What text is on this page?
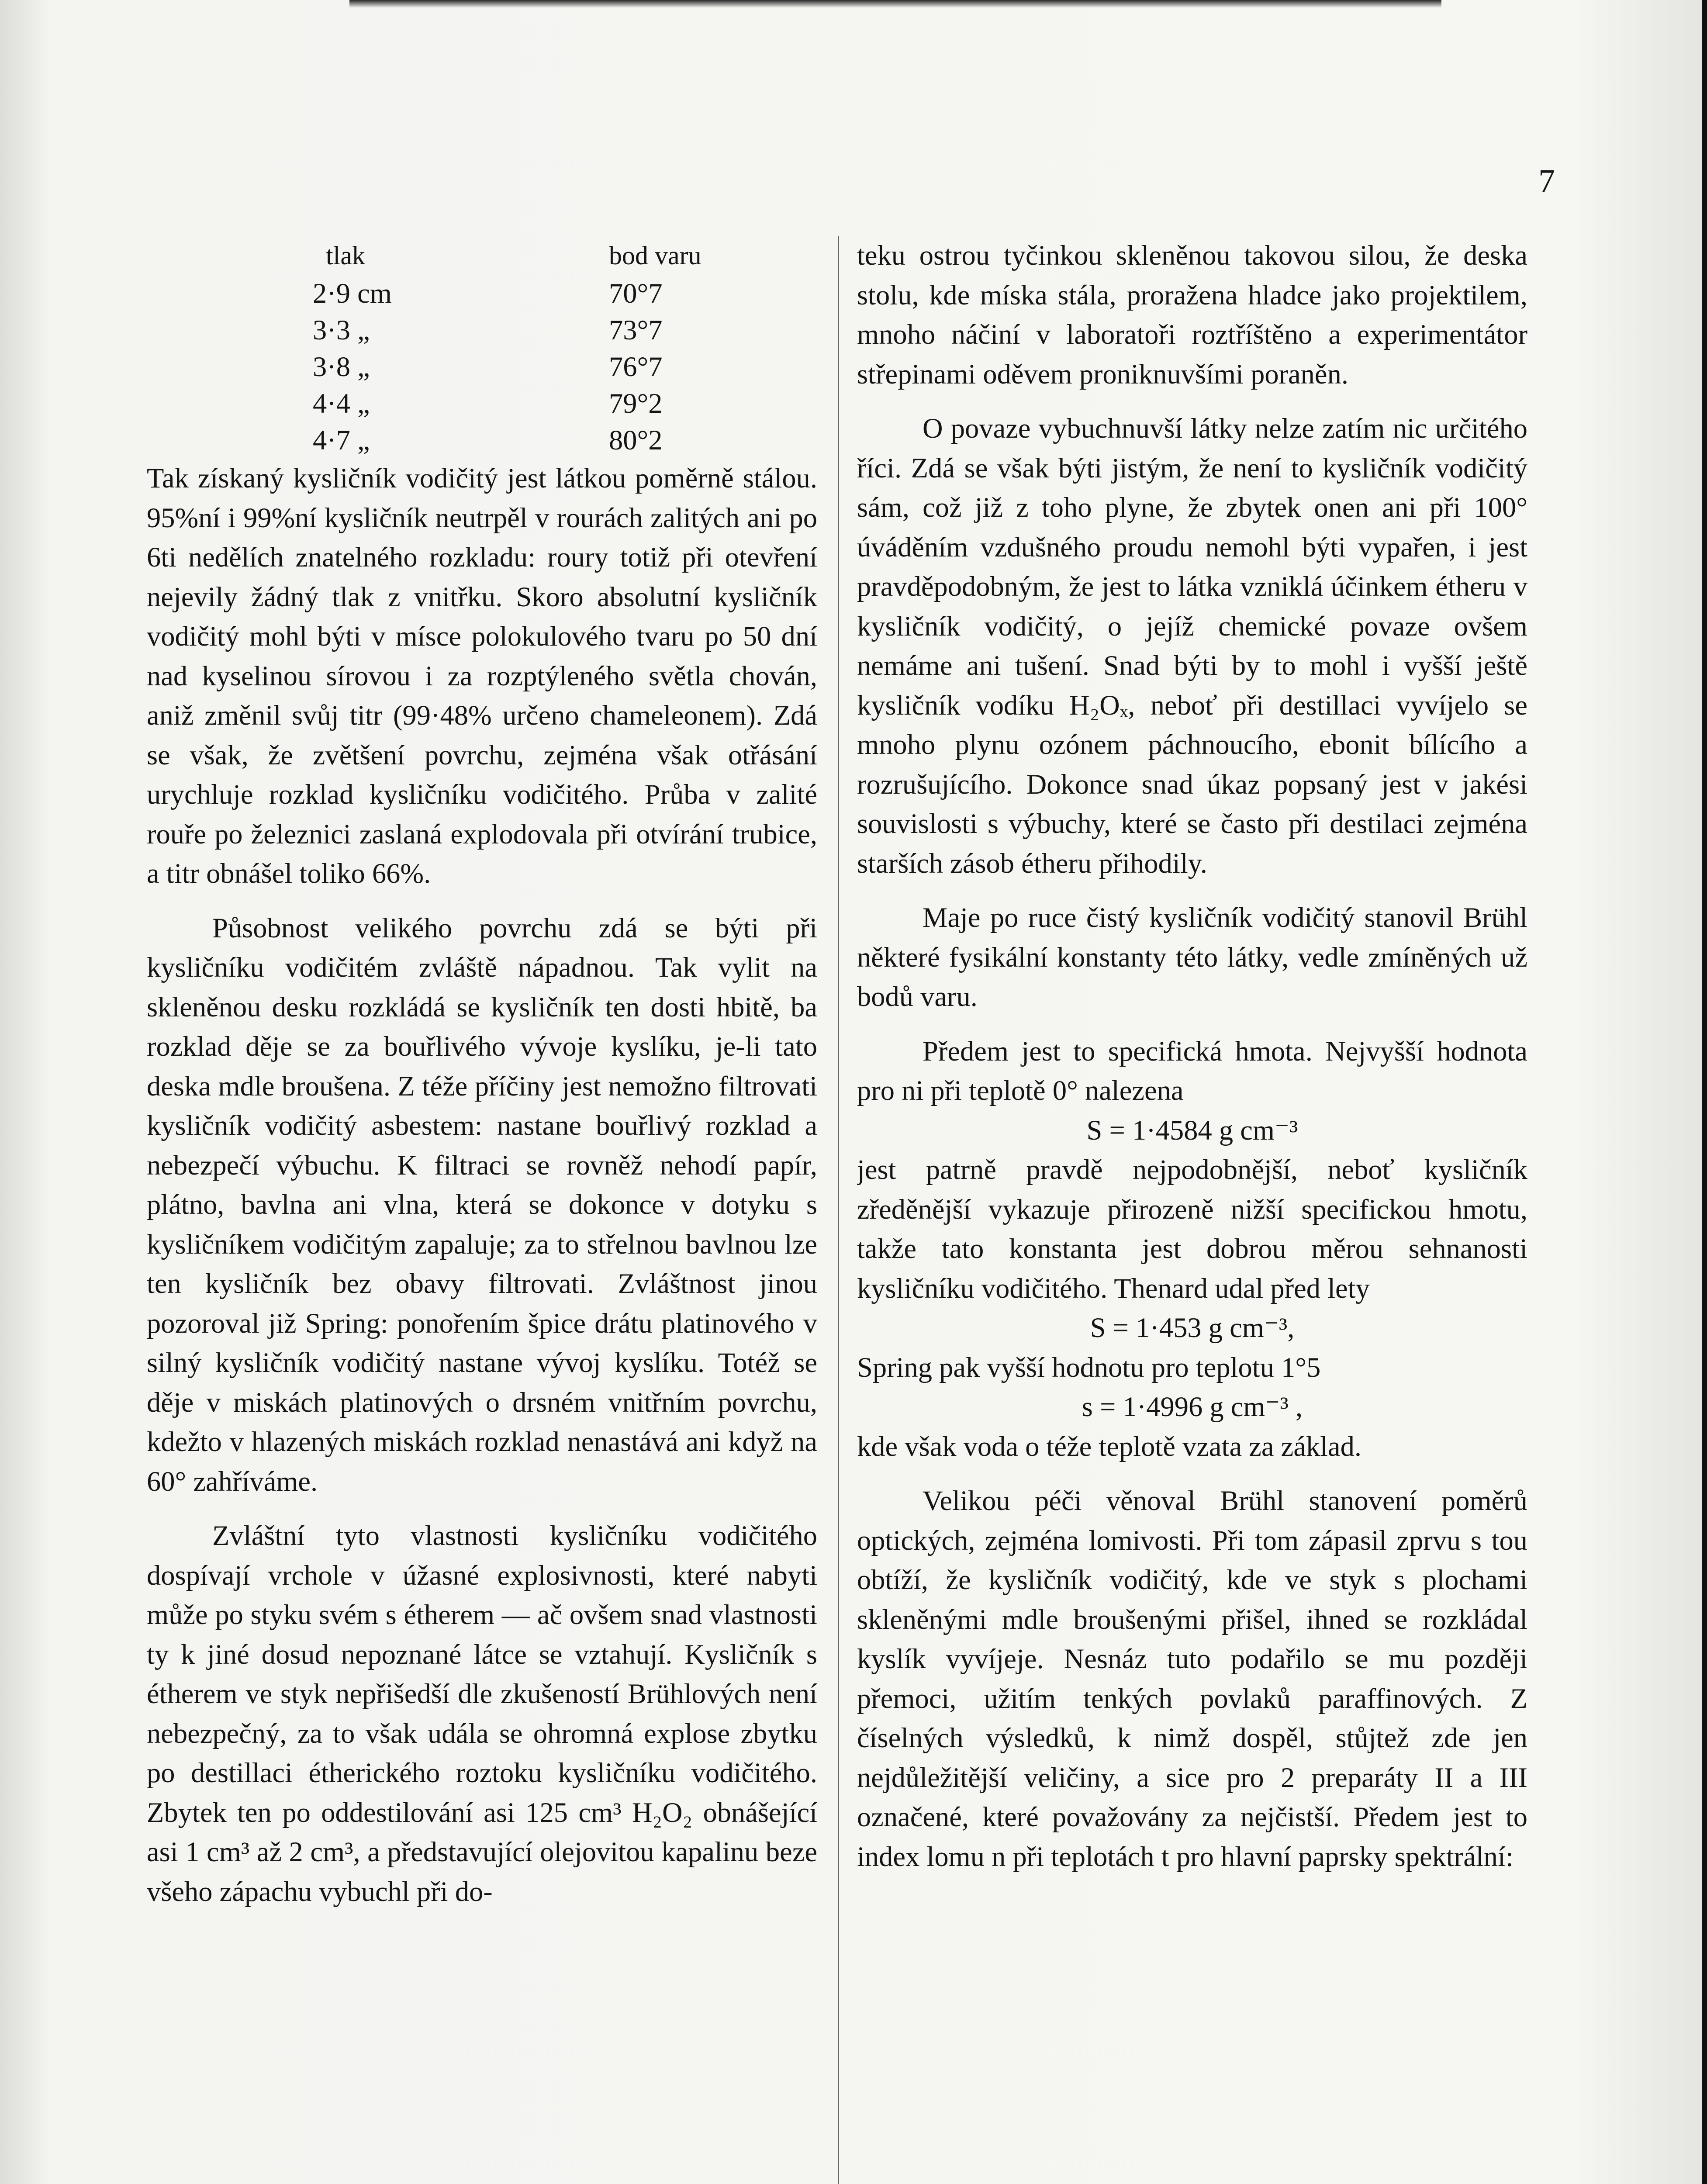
7
tlak	bod varu
2·9 cm	70°7
3·3 „	73°7
3·8 „	76°7
4·4 „	79°2
4·7 „	80°2

Tak získaný kysličník vodičitý jest látkou poměrně stálou. 95%ní i 99%ní kysličník neutrpěl v rourách zalitých ani po 6ti nedělích znatelného rozkladu: roury totiž při otevření nejevily žádný tlak z vnitřku. Skoro absolutní kysličník vodičitý mohl býti v mísce polokulového tvaru po 50 dní nad kyselinou sírovou i za rozptýleného světla chován, aniž změnil svůj titr (99·48% určeno chameleonem). Zdá se však, že zvětšení povrchu, zejména však otřásání urychluje rozklad kysličníku vodičitého. Průba v zalité rouře po železnici zaslaná explodovala při otvírání trubice, a titr obnášel toliko 66%.

Působnost velikého povrchu zdá se býti při kysličníku vodičitém zvláště nápadnou. Tak vylit na skleněnou desku rozkládá se kysličník ten dosti hbitě, ba rozklad děje se za bouřlivého vývoje kyslíku, je-li tato deska mdle broušena. Z téže příčiny jest nemožno filtrovati kysličník vodičitý asbestem: nastane bouřlivý rozklad a nebezpečí výbuchu. K filtraci se rovněž nehodí papír, plátno, bavlna ani vlna, která se dokonce v dotyku s kysličníkem vodičitým zapaluje; za to střelnou bavlnou lze ten kysličník bez obavy filtrovati. Zvláštnost jinou pozoroval již Spring: ponořením špice drátu platinového v silný kysličník vodičitý nastane vývoj kyslíku. Totéž se děje v miskách platinových o drsném vnitřním povrchu, kdežto v hlazených miskách rozklad nenastává ani když na 60° zahříváme.

Zvláštní tyto vlastnosti kysličníku vodičitého dospívají vrchole v úžasné explosivnosti, které nabyti může po styku svém s étherem — ač ovšem snad vlastnosti ty k jiné dosud nepoznané látce se vztahují. Kysličník s étherem ve styk nepřišedší dle zkušeností Brühlových není nebezpečný, za to však udála se ohromná explose zbytku po destillaci étherického roztoku kysličníku vodičitého. Zbytek ten po oddestilování asi 125 cm³ H₂O₂ obnášející asi 1 cm³ až 2 cm³, a představující olejovitou kapalinu beze všeho zápachu vybuchl při do-

teku ostrou tyčinkou skleněnou takovou silou, že deska stolu, kde míska stála, proražena hladce jako projektilem, mnoho náčiní v laboratoři roztříštěno a experimentátor střepinami oděvem proniknuvšími poraněn.

O povaze vybuchnuvší látky nelze zatím nic určitého říci. Zdá se však býti jistým, že není to kysličník vodičitý sám, což již z toho plyne, že zbytek onen ani při 100° úváděním vzdušného proudu nemohl býti vypařen, i jest pravděpodobným, že jest to látka vzniklá účinkem étheru v kysličník vodičitý, o jejíž chemické povaze ovšem nemáme ani tušení. Snad býti by to mohl i vyšší ještě kysličník vodíku H₂Oₓ, neboť při destillaci vyvíjelo se mnoho plynu ozónem páchnoucího, ebonit bílícího a rozrušujícího. Dokonce snad úkaz popsaný jest v jakési souvislosti s výbuchy, které se často při destilaci zejména starších zásob étheru přihodily.

Maje po ruce čistý kysličník vodičitý stanovil Brühl některé fysikální konstanty této látky, vedle zmíněných už bodů varu.

Předem jest to specifická hmota. Nejvyšší hodnota pro ni při teplotě 0° nalezena

S = 1·4584 g cm⁻³

jest patrně pravdě nejpodobnější, neboť kysličník zředěnější vykazuje přirozeně nižší specifickou hmotu, takže tato konstanta jest dobrou měrou sehnanosti kysličníku vodičitého. Thenard udal před lety

S = 1·453 g cm⁻³,

Spring pak vyšší hodnotu pro teplotu 1°5

s = 1·4996 g cm⁻³ ,

kde však voda o téže teplotě vzata za základ.

Velikou péči věnoval Brühl stanovení poměrů optických, zejména lomivosti. Při tom zápasil zprvu s tou obtíží, že kysličník vodičitý, kde ve styk s plochami skleněnými mdle broušenými přišel, ihned se rozkládal kyslík vyvíjeje. Nesnáz tuto podařilo se mu později přemoci, užitím tenkých povlaků paraffinových. Z číselných výsledků, k nimž dospěl, stůjtež zde jen nejdůležitější veličiny, a sice pro 2 preparáty II a III označené, které považovány za nejčistší. Předem jest to index lomu n při teplotách t pro hlavní paprsky spektrální:
